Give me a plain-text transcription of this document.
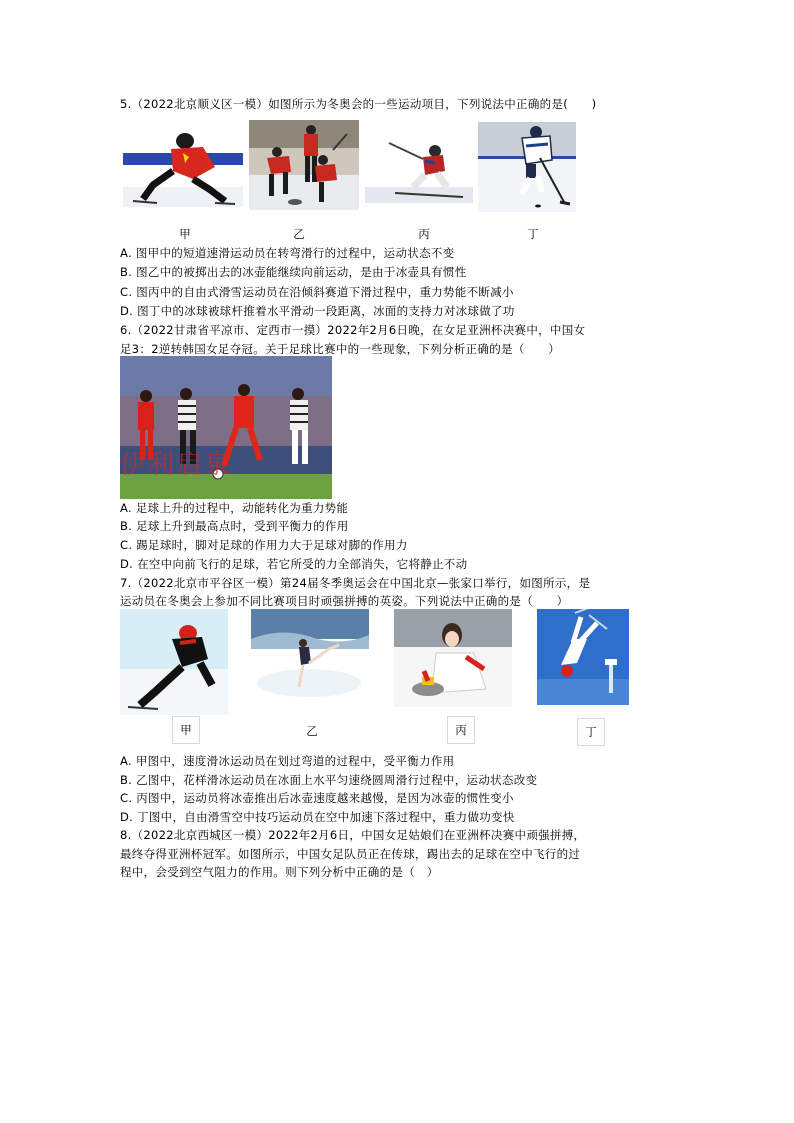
5.（2022北京顺义区一模）如图所示为冬奥会的一些运动项目，下列说法中正确的是(　　)
甲	乙	丙	丁
A. 图甲中的短道速滑运动员在转弯滑行的过程中，运动状态不变
B. 图乙中的被掷出去的冰壶能继续向前运动，是由于冰壶具有惯性
C. 图丙中的自由式滑雪运动员在沿倾斜赛道下滑过程中，重力势能不断减小
D. 图丁中的冰球被球杆推着水平滑动一段距离，冰面的支持力对冰球做了功
6.（2022甘肃省平凉市、定西市一摸）2022年2月6日晚，在女足亚洲杯决赛中，中国女
足3：2逆转韩国女足夺冠。关于足球比赛中的一些现象，下列分析正确的是（　　）
伊利启泉
A. 足球上升的过程中，动能转化为重力势能
B. 足球上升到最高点时，受到平衡力的作用
C. 踢足球时，脚对足球的作用力大于足球对脚的作用力
D. 在空中向前飞行的足球，若它所受的力全部消失，它将静止不动
7.（2022北京市平谷区一模）第24届冬季奥运会在中国北京—张家口举行，如图所示，是
运动员在冬奥会上参加不同比赛项目时顽强拼搏的英姿。下列说法中正确的是（　　）
甲	乙	丙	丁
A. 甲图中，速度滑冰运动员在划过弯道的过程中，受平衡力作用
B. 乙图中，花样滑冰运动员在冰面上水平匀速绕圆周滑行过程中，运动状态改变
C. 丙图中，运动员将冰壶推出后冰壶速度越来越慢，是因为冰壶的惯性变小
D. 丁图中，自由滑雪空中技巧运动员在空中加速下落过程中，重力做功变快
8.（2022北京西城区一模）2022年2月6日，中国女足姑娘们在亚洲杯决赛中顽强拼搏，
最终夺得亚洲杯冠军。如图所示，中国女足队员正在传球，踢出去的足球在空中飞行的过
程中，会受到空气阻力的作用。则下列分析中正确的是（　）
